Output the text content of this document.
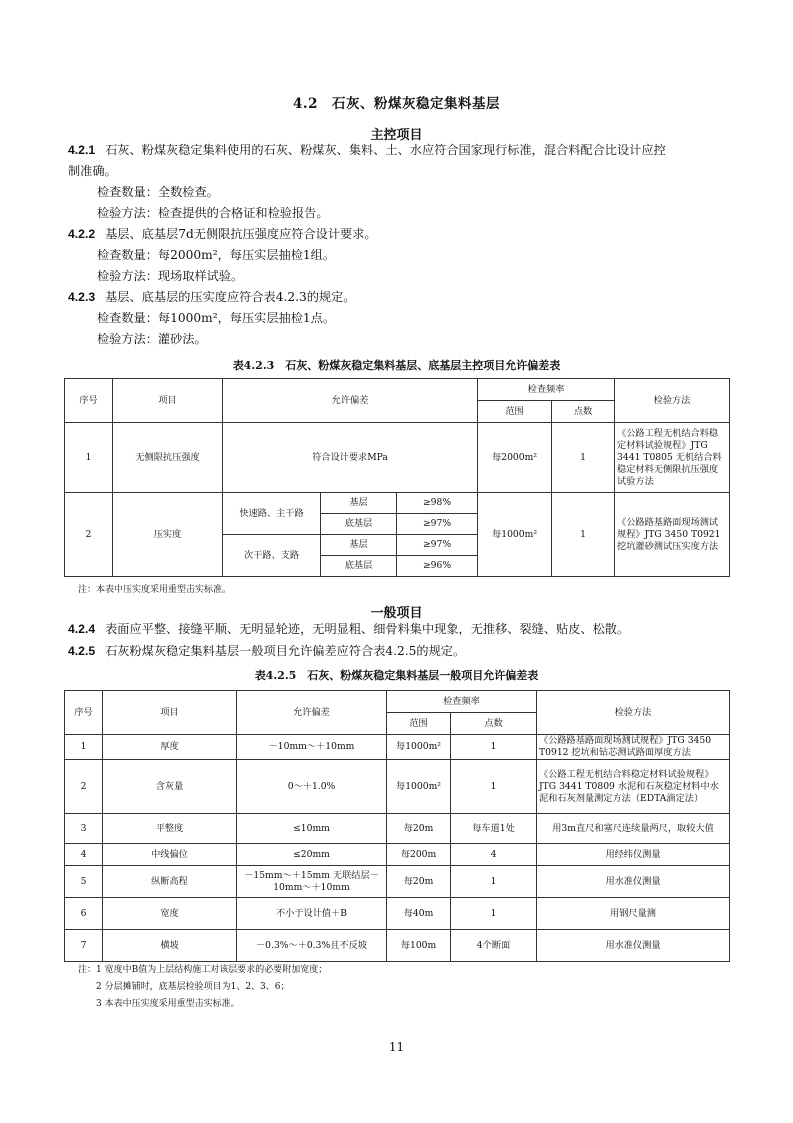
4.2　石灰、粉煤灰稳定集料基层
主控项目
4.2.1 石灰、粉煤灰稳定集料使用的石灰、粉煤灰、集料、土、水应符合国家现行标准，混合料配合比设计应控
制准确。
检查数量：全数检查。
检验方法：检查提供的合格证和检验报告。
4.2.2 基层、底基层7d无侧限抗压强度应符合设计要求。
检查数量：每2000m²，每压实层抽检1组。
检验方法：现场取样试验。
4.2.3 基层、底基层的压实度应符合表4.2.3的规定。
检查数量：每1000m²，每压实层抽检1点。
检验方法：灌砂法。
表4.2.3　石灰、粉煤灰稳定集料基层、底基层主控项目允许偏差表
序号	项目	允许偏差			检查频率		检验方法
					范围	点数	
1	无侧限抗压强度	符合设计要求MPa			每2000m²	1	《公路工程无机结合料稳定材料试验规程》JTG 3441 T0805 无机结合料稳定材料无侧限抗压强度试验方法
2	压实度	快速路、主干路	基层	≥98%	每1000m²	1	《公路路基路面现场测试规程》JTG 3450 T0921 挖坑灌砂测试压实度方法
			底基层	≥97%			
		次干路、支路	基层	≥97%			
			底基层	≥96%			
注：本表中压实度采用重型击实标准。
一般项目
4.2.4 表面应平整、接缝平顺、无明显轮迹，无明显粗、细骨料集中现象，无推移、裂缝、贴皮、松散。
4.2.5 石灰粉煤灰稳定集料基层一般项目允许偏差应符合表4.2.5的规定。
表4.2.5　石灰、粉煤灰稳定集料基层一般项目允许偏差表
序号	项目	允许偏差	检查频率		检验方法
			范围	点数	
1	厚度	－10mm～＋10mm	每1000m²	1	《公路路基路面现场测试规程》JTG 3450 T0912 挖坑和钻芯测试路面厚度方法
2	含灰量	0～＋1.0%	每1000m²	1	《公路工程无机结合料稳定材料试验规程》JTG 3441 T0809 水泥和石灰稳定材料中水泥和石灰剂量测定方法（EDTA滴定法）
3	平整度	≤10mm	每20m	每车道1处	用3m直尺和塞尺连续量两尺，取较大值
4	中线偏位	≤20mm	每200m	4	用经纬仪测量
5	纵断高程	－15mm～＋15mm 无联结层－10mm～＋10mm	每20m	1	用水准仪测量
6	宽度	不小于设计值＋B	每40m	1	用钢尺量测
7	横坡	－0.3%～＋0.3%且不反坡	每100m	4个断面	用水准仪测量
注：1 宽度中B值为上层结构施工对该层要求的必要附加宽度；
2 分层摊铺时，底基层检验项目为1、2、3、6；
3 本表中压实度采用重型击实标准。
11
